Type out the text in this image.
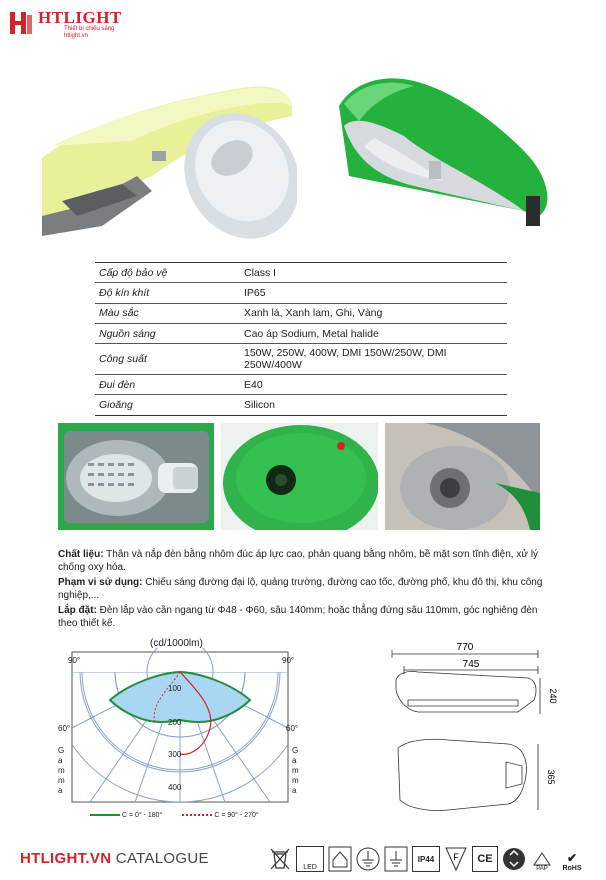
HTLIGHT
Thiết bị chiếu sáng
htlight.vn
Cấp độ bảo vệ	Class I
Độ kín khít	IP65
Màu sắc	Xanh lá, Xanh lam, Ghi, Vàng
Nguồn sáng	Cao áp Sodium, Metal halide
Công suất	150W, 250W, 400W, DMI 150W/250W, DMI 250W/400W
Đui đèn	E40
Gioăng	Silicon
Chất liệu: Thân và nắp đèn bằng nhôm đúc áp lực cao, phản quang bằng nhôm, bề mặt sơn tĩnh điện, xử lý chống oxy hóa.
Phạm vi sử dụng: Chiếu sáng đường đại lộ, quảng trường, đường cao tốc, đường phố, khu đô thị, khu công nghiệp,...
Lắp đặt: Đèn lắp vào cần ngang từ Φ48 - Φ60, sâu 140mm; hoặc thẳng đứng sâu 110mm, góc nghiêng đèn theo thiết kế.
(cd/1000lm)
90°	90°
60°	60°
100
200
300
400
Gamma
Gamma
C = 0° - 180°	C = 90° - 270°
770
745
240
365
HTLIGHT.VN CATALOGUE
LED
IP44 F CE
PAP
✔
RoHS
